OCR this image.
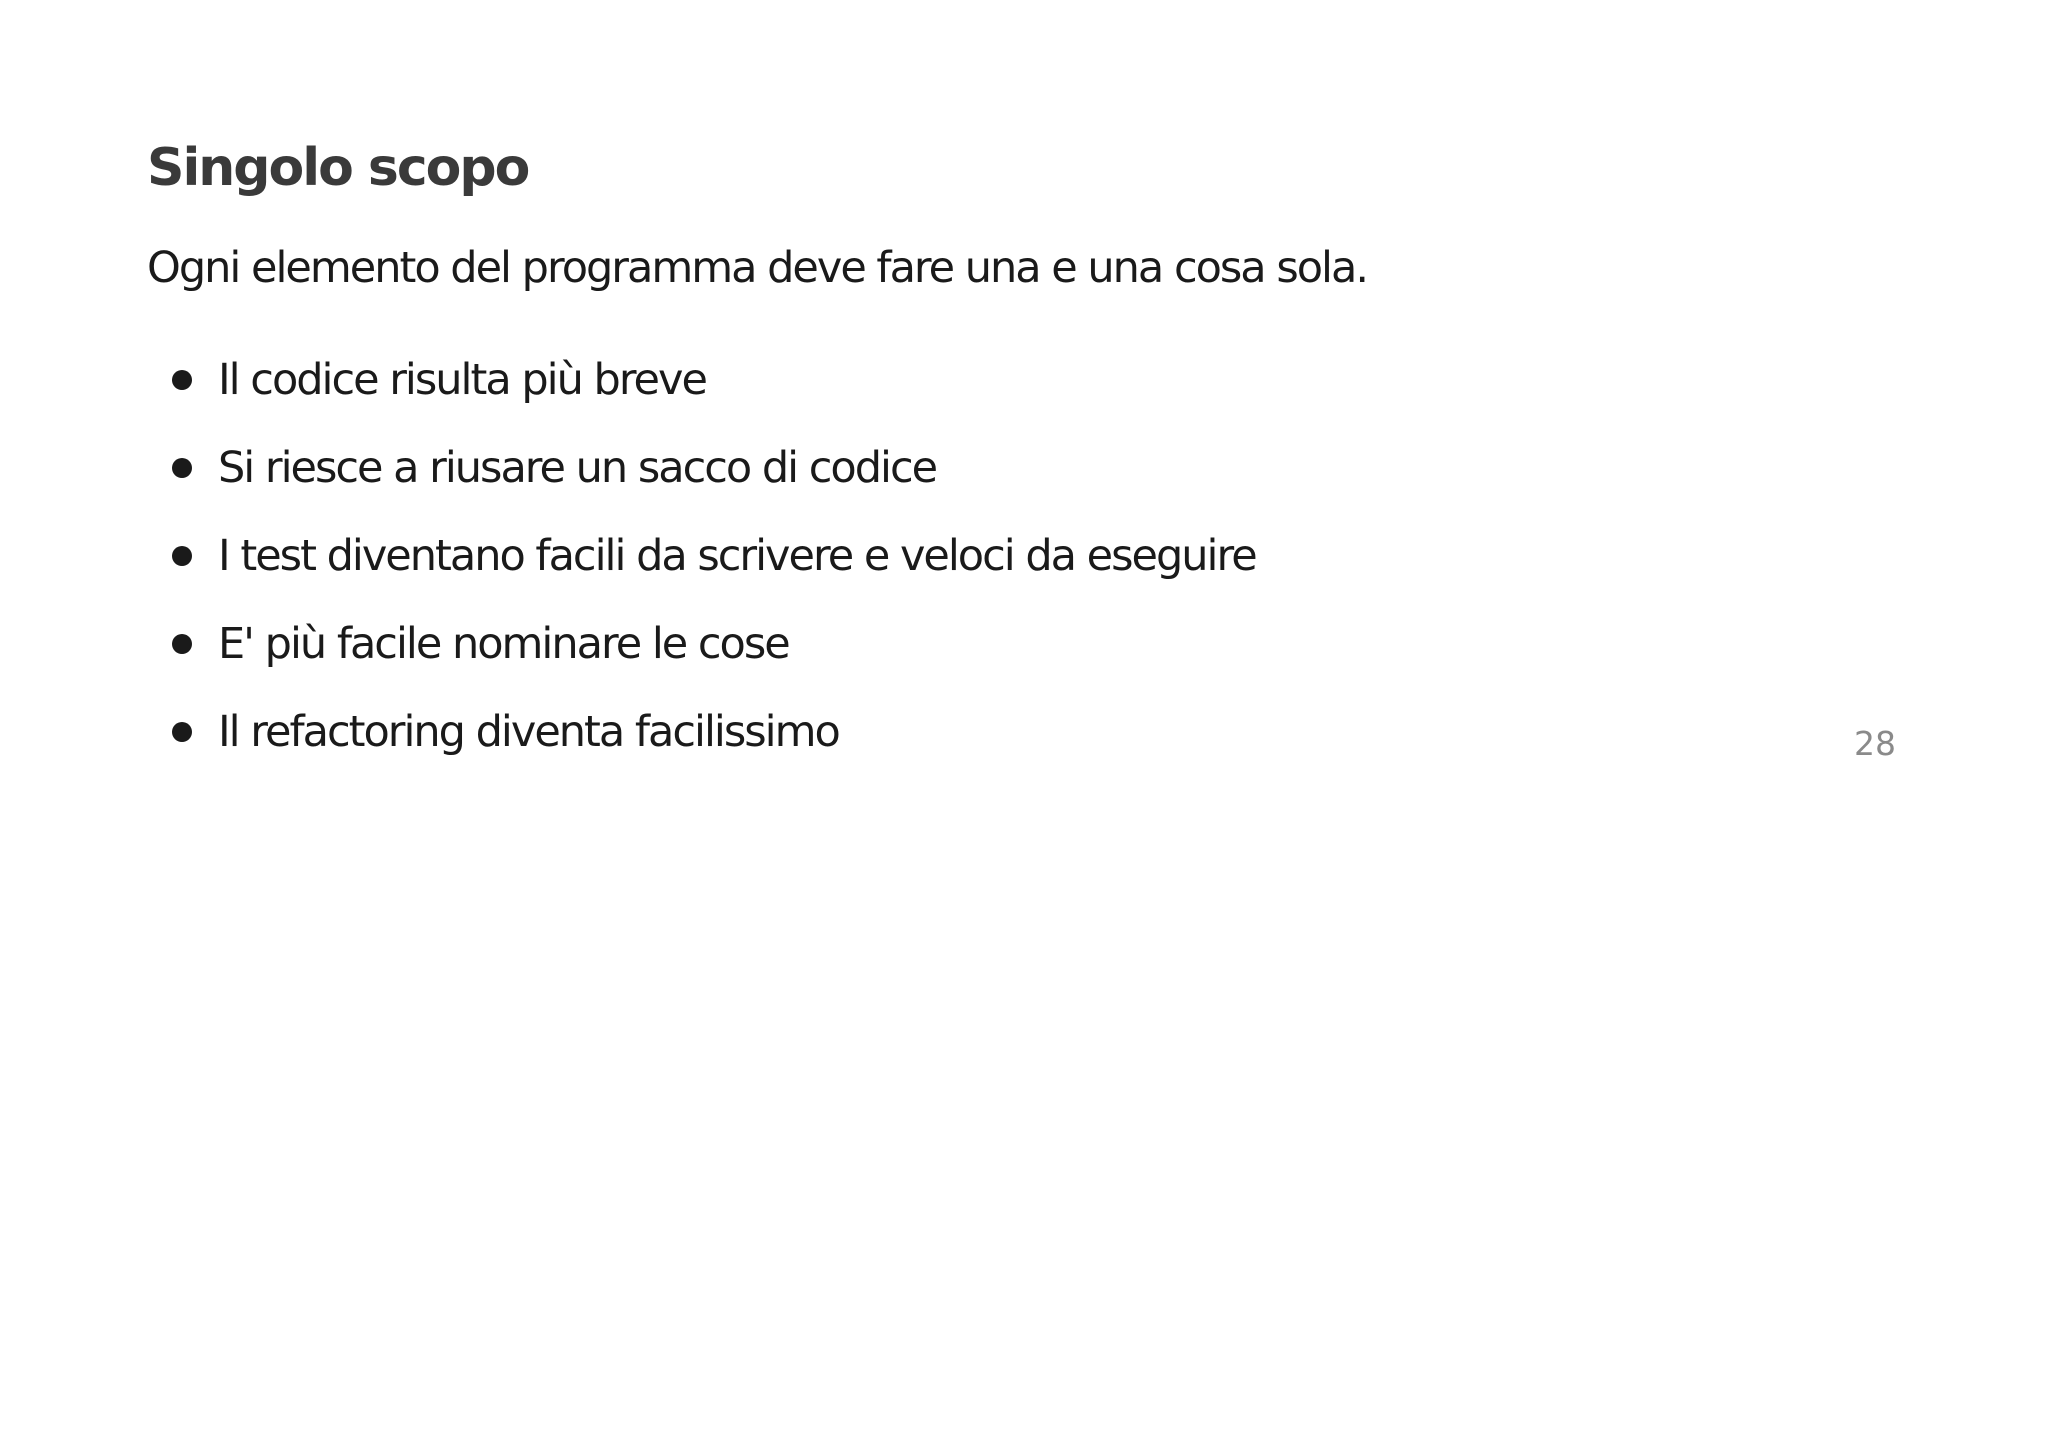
Singolo scopo

Ogni elemento del programma deve fare una e una cosa sola.

Il codice risulta più breve
Si riesce a riusare un sacco di codice
I test diventano facili da scrivere e veloci da eseguire
E' più facile nominare le cose
Il refactoring diventa facilissimo	28
